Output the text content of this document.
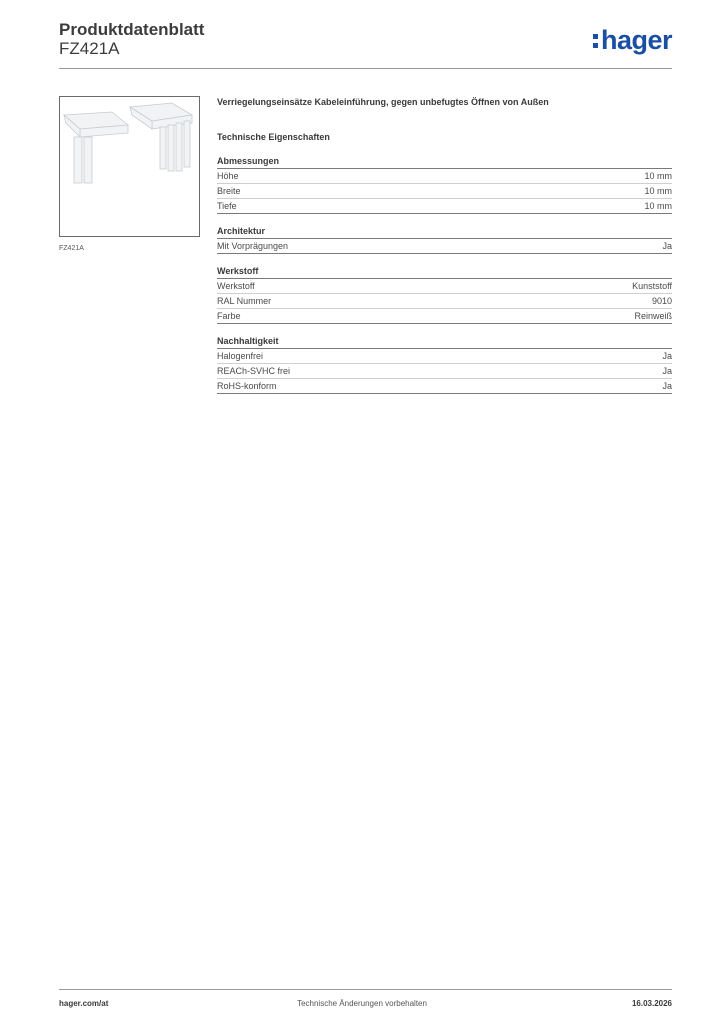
Produktdatenblatt
FZ421A	hager
FZ421A
Verriegelungseinsätze Kabeleinführung, gegen unbefugtes Öffnen von Außen
Technische Eigenschaften
Abmessungen
Höhe	10 mm
Breite	10 mm
Tiefe	10 mm
Architektur
Mit Vorprägungen	Ja
Werkstoff
Werkstoff	Kunststoff
RAL Nummer	9010
Farbe	Reinweiß
Nachhaltigkeit
Halogenfrei	Ja
REACh-SVHC frei	Ja
RoHS-konform	Ja
hager.com/at	Technische Änderungen vorbehalten	16.03.2026
